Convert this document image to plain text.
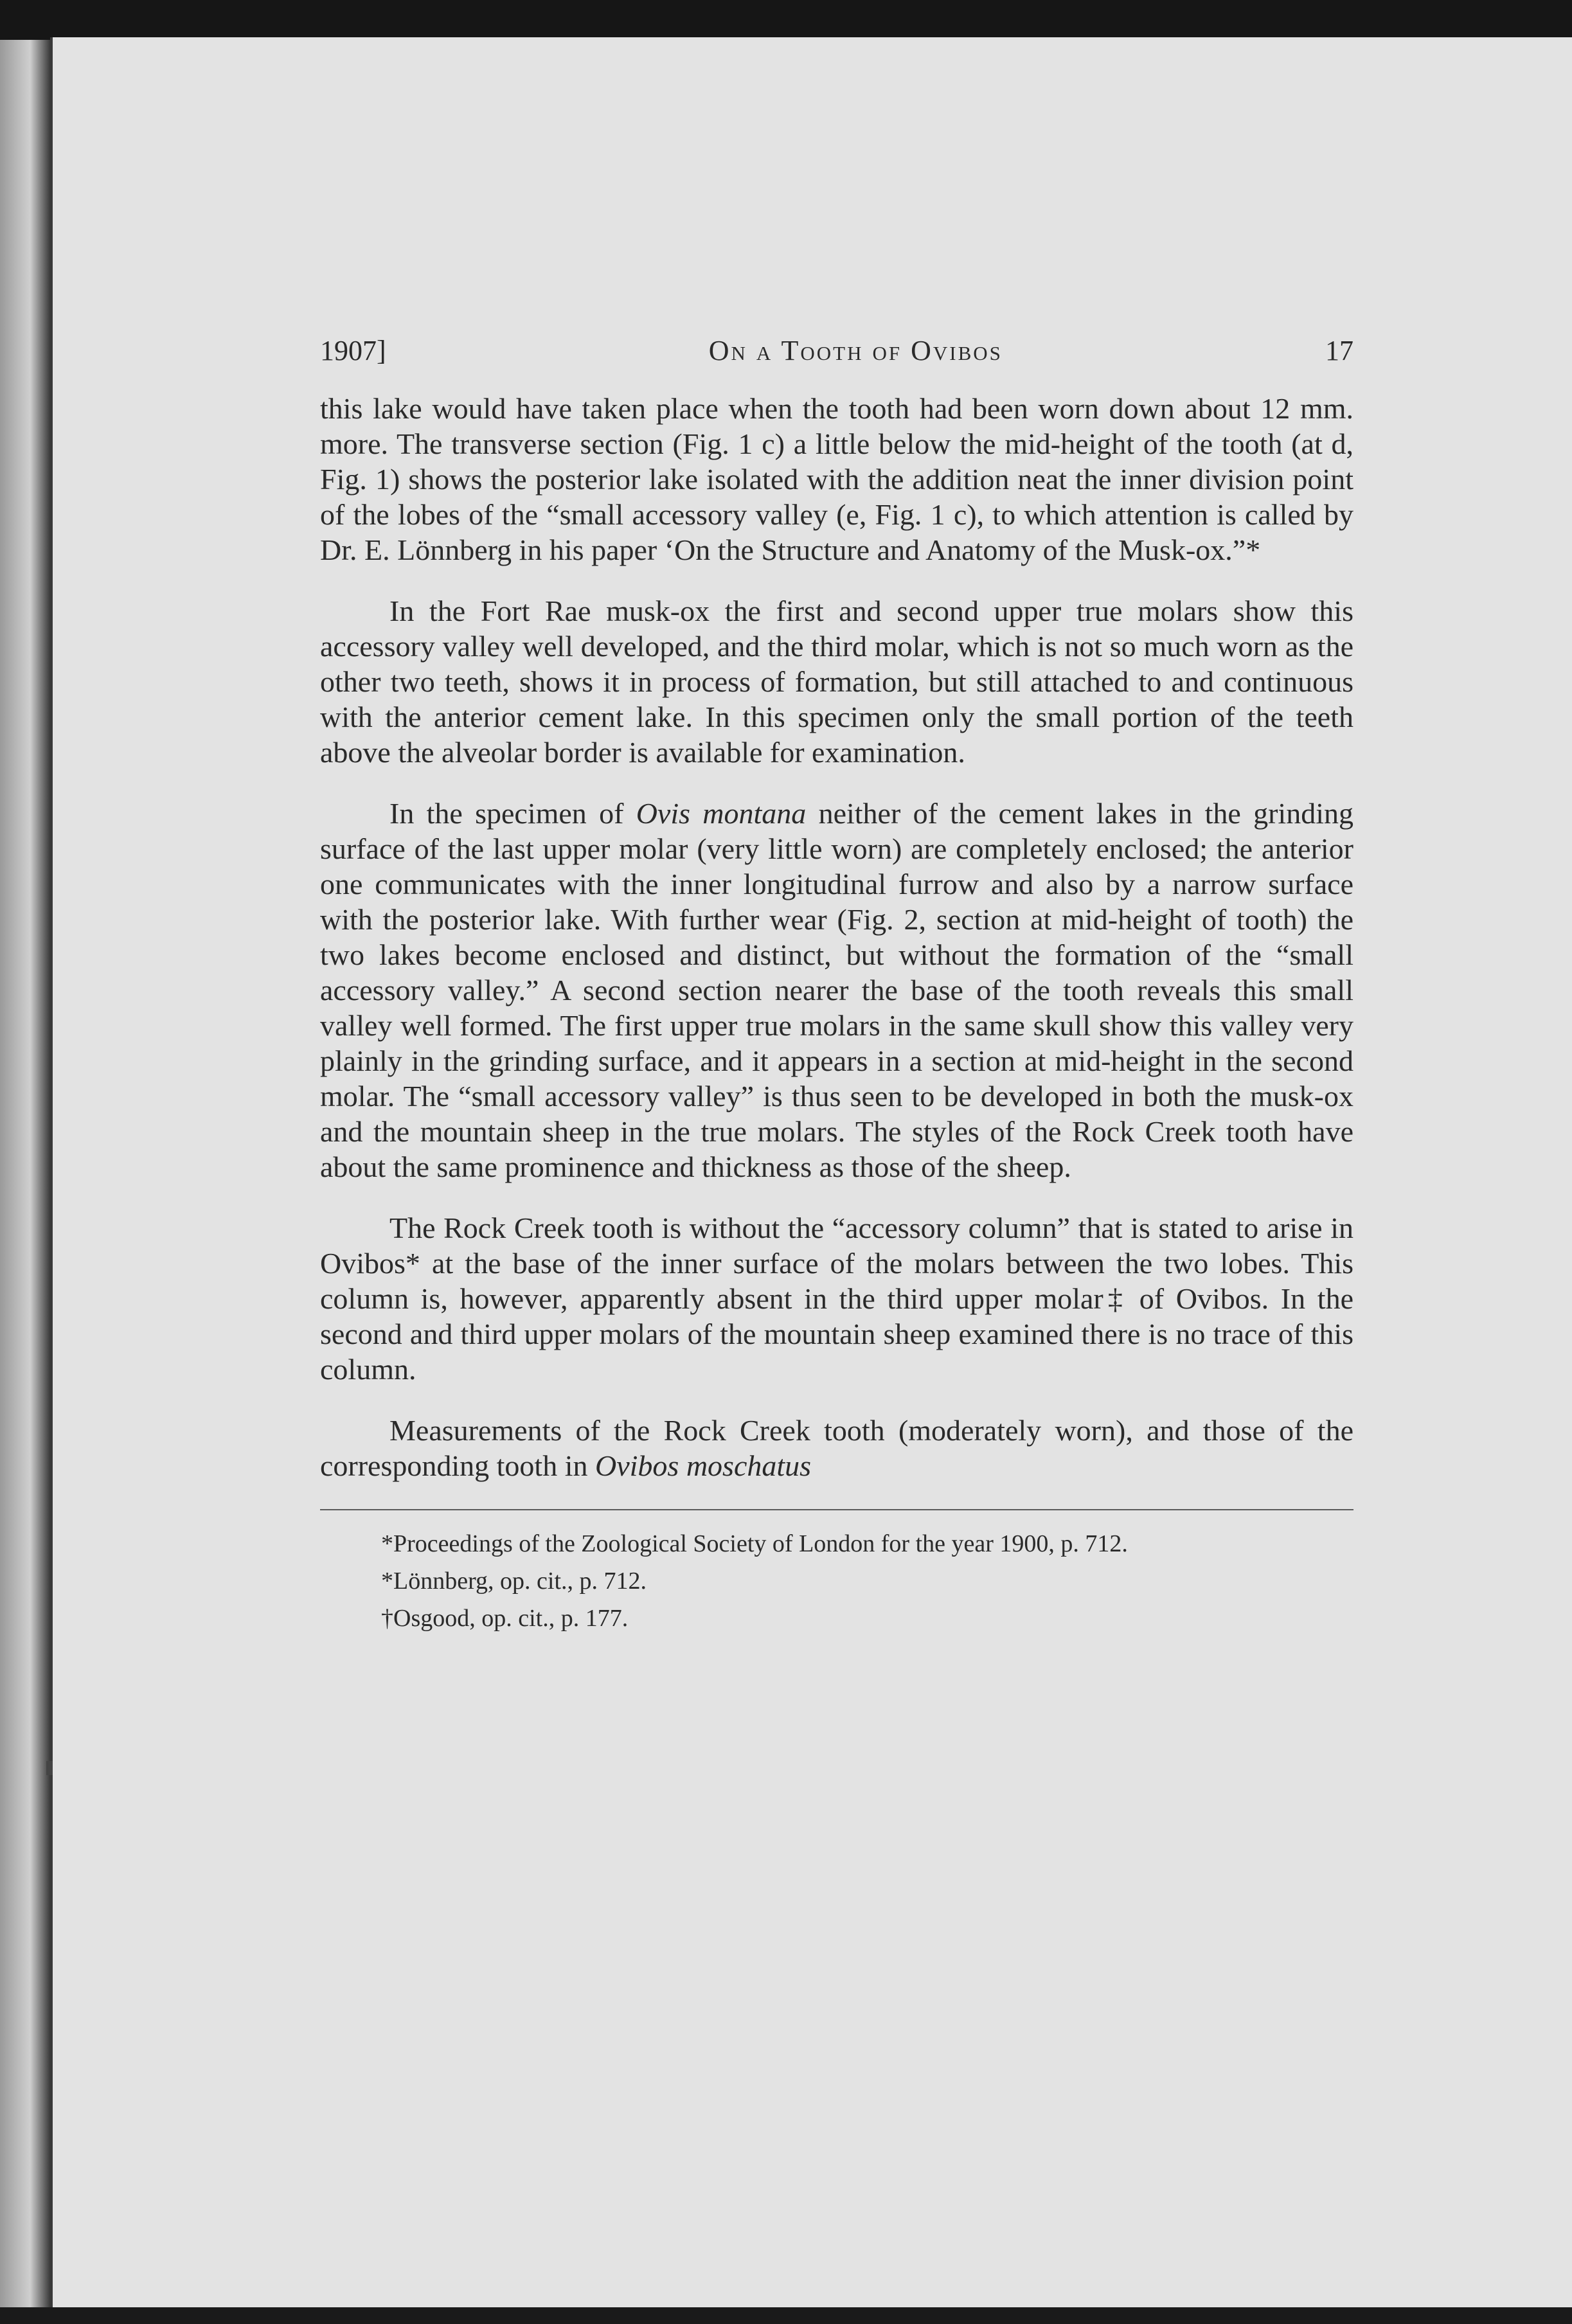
1907]	On a Tooth of Ovibos	17

this lake would have taken place when the tooth had been worn down about 12 mm. more. The transverse section (Fig. 1 c) a little below the mid-height of the tooth (at d, Fig. 1) shows the posterior lake isolated with the addition neat the inner division point of the lobes of the “small accessory valley (e, Fig. 1 c), to which attention is called by Dr. E. Lönnberg in his paper ‘On the Structure and Anatomy of the Musk-ox.”*

In the Fort Rae musk-ox the first and second upper true molars show this accessory valley well developed, and the third molar, which is not so much worn as the other two teeth, shows it in process of formation, but still attached to and continuous with the anterior cement lake. In this specimen only the small portion of the teeth above the alveolar border is available for examination.

In the specimen of Ovis montana neither of the cement lakes in the grinding surface of the last upper molar (very little worn) are completely enclosed; the anterior one communicates with the inner longitudinal furrow and also by a narrow surface with the posterior lake. With further wear (Fig. 2, section at mid-height of tooth) the two lakes become enclosed and distinct, but without the formation of the “small accessory valley.” A second section nearer the base of the tooth reveals this small valley well formed. The first upper true molars in the same skull show this valley very plainly in the grinding surface, and it appears in a section at mid-height in the second molar. The “small accessory valley” is thus seen to be developed in both the musk-ox and the mountain sheep in the true molars. The styles of the Rock Creek tooth have about the same prominence and thickness as those of the sheep.

The Rock Creek tooth is without the “accessory column” that is stated to arise in Ovibos* at the base of the inner surface of the molars between the two lobes. This column is, however, apparently absent in the third upper molar‡ of Ovibos. In the second and third upper molars of the mountain sheep examined there is no trace of this column.

Measurements of the Rock Creek tooth (moderately worn), and those of the corresponding tooth in Ovibos moschatus

*Proceedings of the Zoological Society of London for the year 1900, p. 712.

*Lönnberg, op. cit., p. 712.

†Osgood, op. cit., p. 177.
